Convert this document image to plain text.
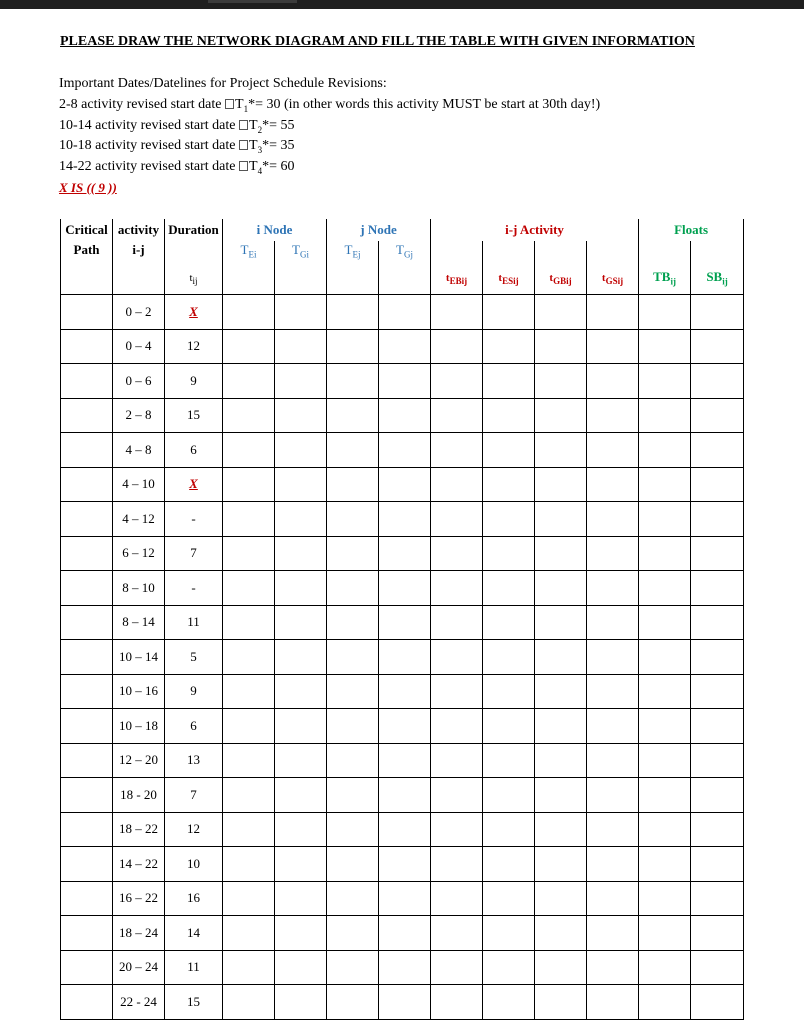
PLEASE DRAW THE NETWORK DIAGRAM AND FILL THE TABLE WITH GIVEN INFORMATION
Important Dates/Datelines for Project Schedule Revisions:
2-8 activity revised start date $T_1*= 30$ (in other words this activity MUST be start at 30th day!)
10-14 activity revised start date $T_2*= 55$
10-18 activity revised start date $T_3*= 35$
14-22 activity revised start date $T_4*= 60$
X IS (( 9 ))
Critical	activity	Duration	i Node		j Node		i-j Activity				Floats	
Path	i-j		$T_{Ei}$	$T_{Gi}$	$T_{Ej}$	$T_{Gj}$						
		$t_{ij}$					$t_{EBij}$	$t_{ESij}$	$t_{GBij}$	$t_{GSij}$	$TB_{ij}$	$SB_{ij}$
	0 – 2	X										
	0 – 4	12										
	0 – 6	9										
	2 – 8	15										
	4 – 8	6										
	4 – 10	X										
	4 – 12	-										
	6 – 12	7										
	8 – 10	-										
	8 – 14	11										
	10 – 14	5										
	10 – 16	9										
	10 – 18	6										
	12 – 20	13										
	18 - 20	7										
	18 – 22	12										
	14 – 22	10										
	16 – 22	16										
	18 – 24	14										
	20 – 24	11										
	22 - 24	15										
